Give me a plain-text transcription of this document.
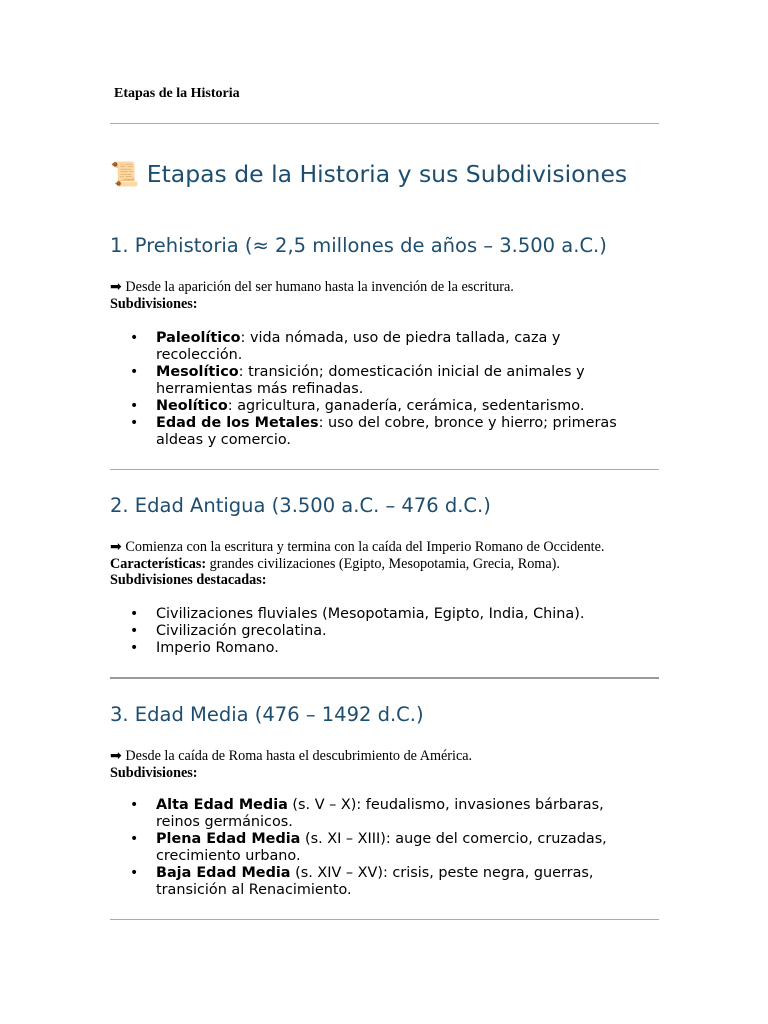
Etapas de la Historia
📜 Etapas de la Historia y sus Subdivisiones
1. Prehistoria (≈ 2,5 millones de años – 3.500 a.C.)
➡ Desde la aparición del ser humano hasta la invención de la escritura.
Subdivisiones:
• Paleolítico: vida nómada, uso de piedra tallada, caza y recolección.
• Mesolítico: transición; domesticación inicial de animales y herramientas más refinadas.
• Neolítico: agricultura, ganadería, cerámica, sedentarismo.
• Edad de los Metales: uso del cobre, bronce y hierro; primeras aldeas y comercio.
2. Edad Antigua (3.500 a.C. – 476 d.C.)
➡ Comienza con la escritura y termina con la caída del Imperio Romano de Occidente.
Características: grandes civilizaciones (Egipto, Mesopotamia, Grecia, Roma).
Subdivisiones destacadas:
• Civilizaciones fluviales (Mesopotamia, Egipto, India, China).
• Civilización grecolatina.
• Imperio Romano.
3. Edad Media (476 – 1492 d.C.)
➡ Desde la caída de Roma hasta el descubrimiento de América.
Subdivisiones:
• Alta Edad Media (s. V – X): feudalismo, invasiones bárbaras, reinos germánicos.
• Plena Edad Media (s. XI – XIII): auge del comercio, cruzadas, crecimiento urbano.
• Baja Edad Media (s. XIV – XV): crisis, peste negra, guerras, transición al Renacimiento.
